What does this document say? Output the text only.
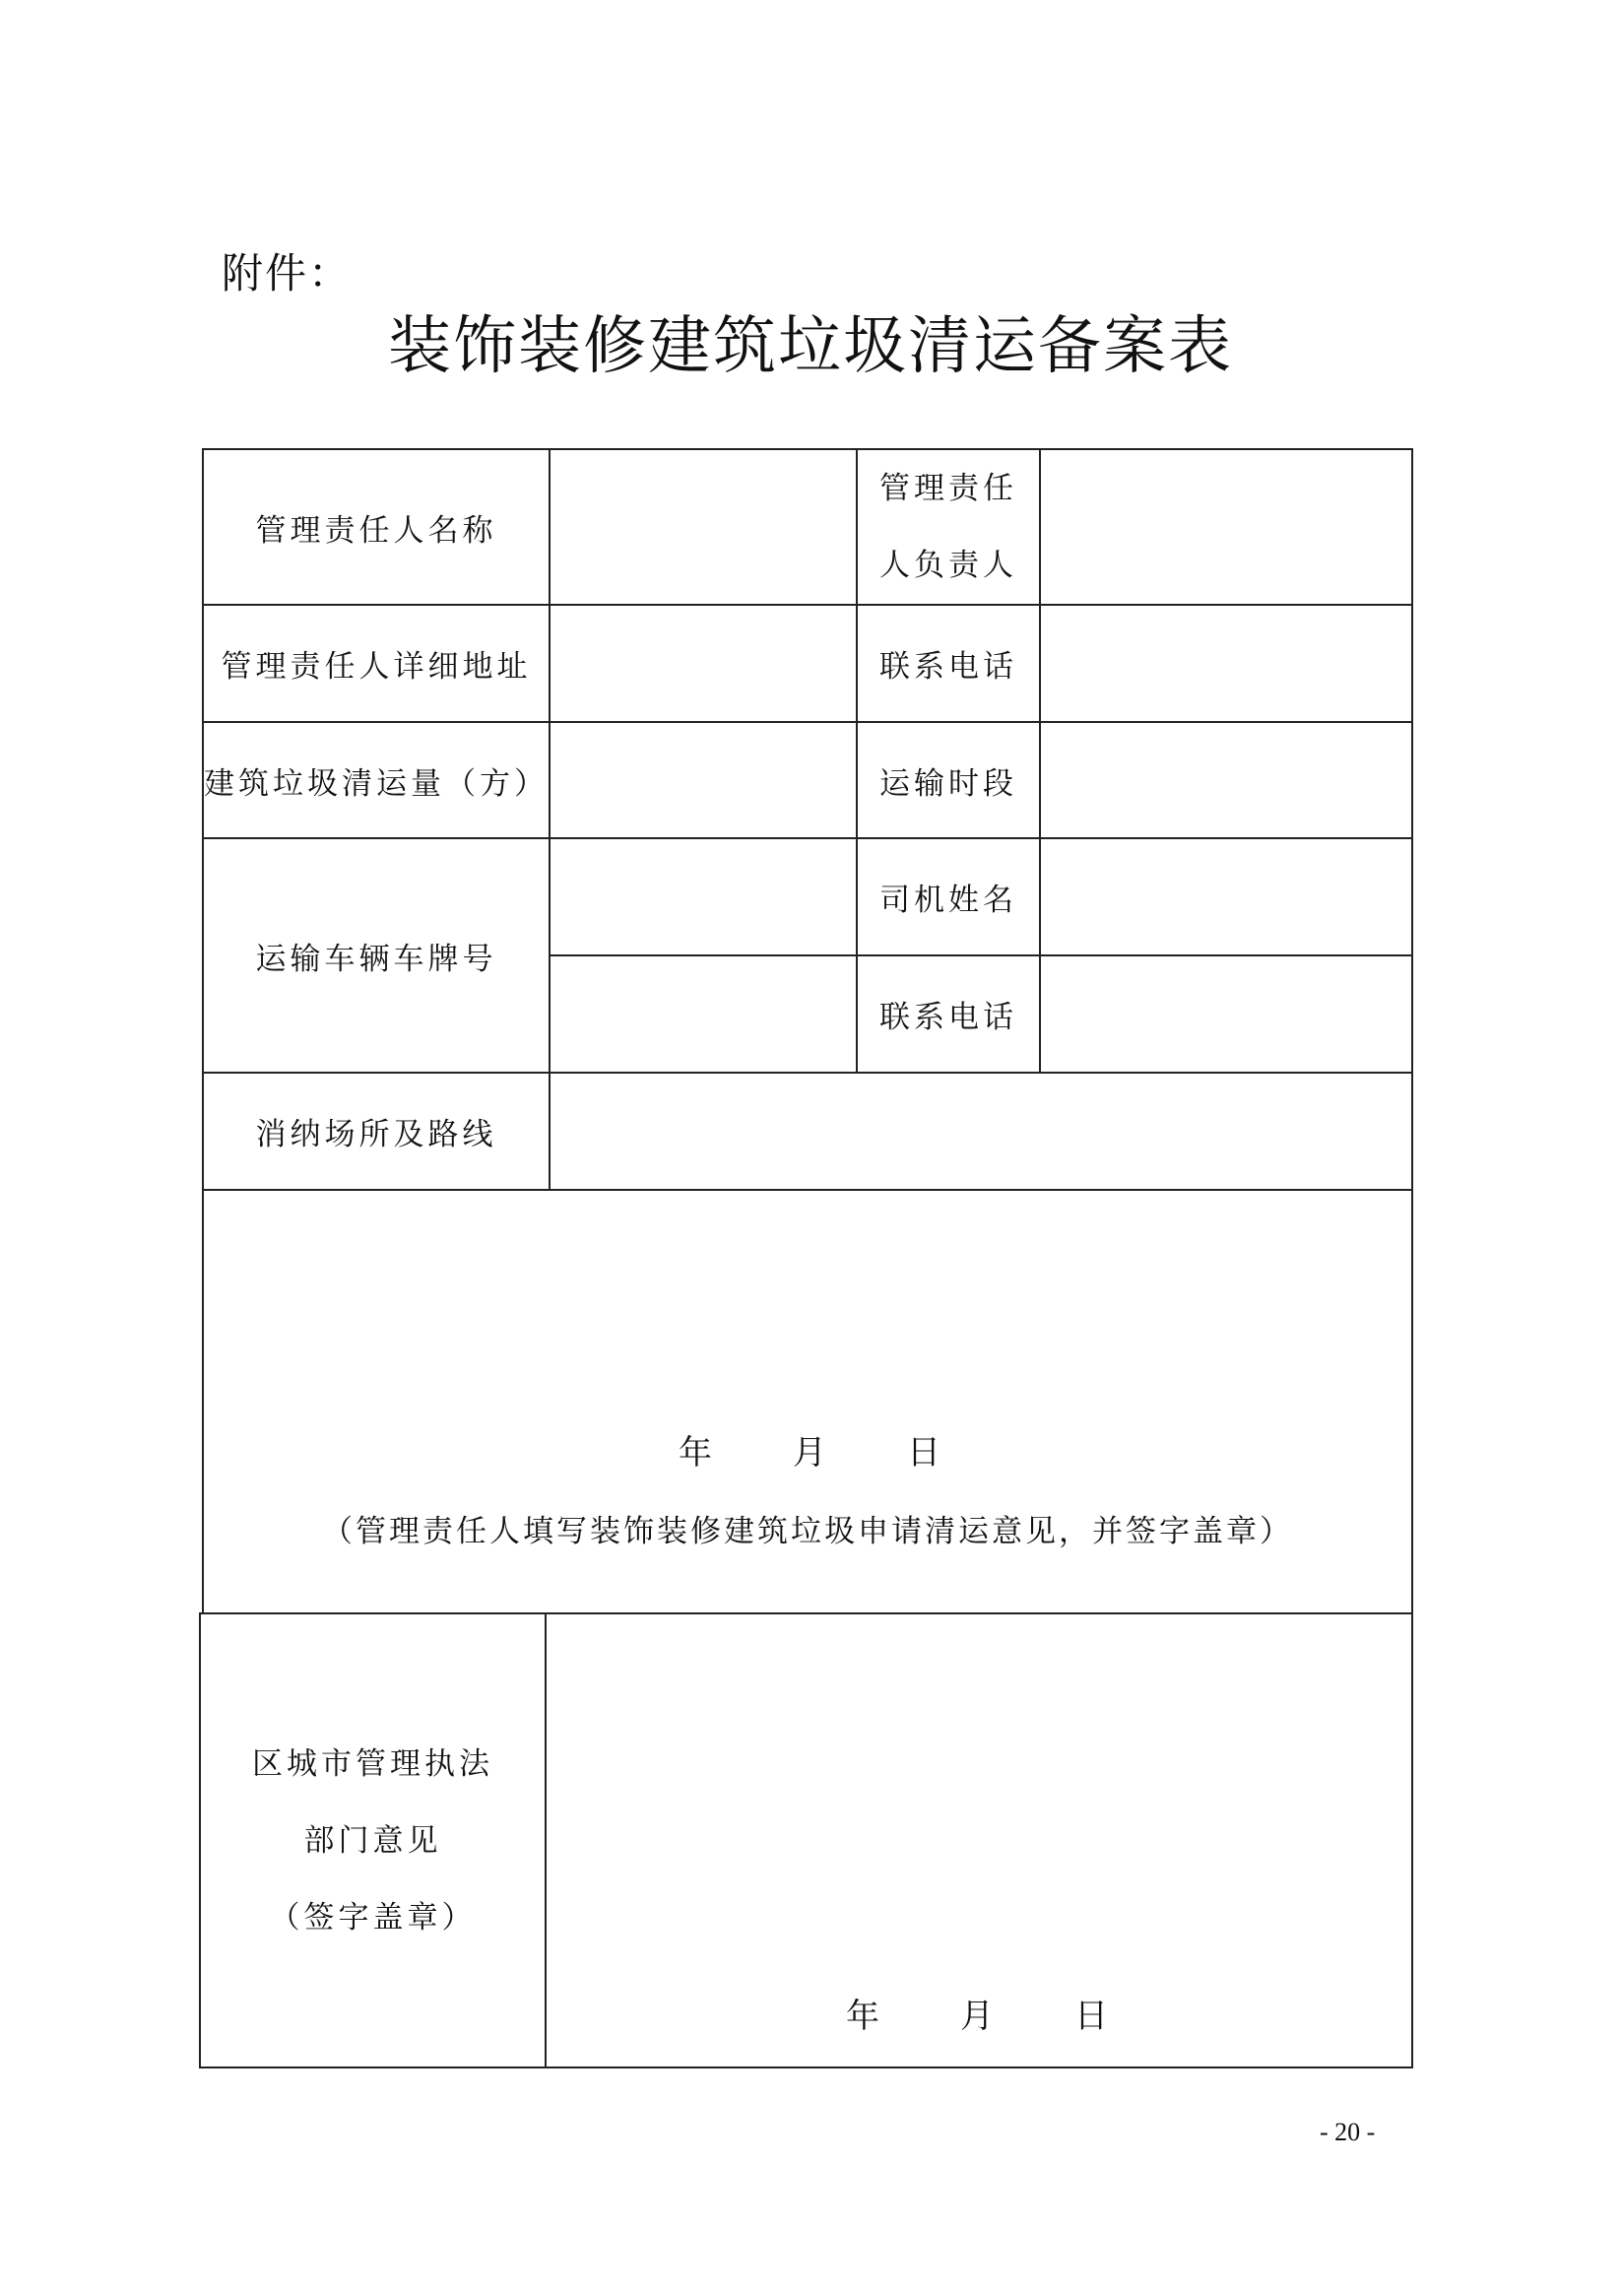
附件：
装饰装修建筑垃圾清运备案表
管理责任人名称
管理责任
人负责人
管理责任人详细地址	联系电话
建筑垃圾清运量（方）	运输时段
运输车辆车牌号
司机姓名
联系电话
消纳场所及路线
年 月 日
（管理责任人填写装饰装修建筑垃圾申请清运意见，并签字盖章）
区城市管理执法
部门意见
（签字盖章）
年 月 日
- 20 -
